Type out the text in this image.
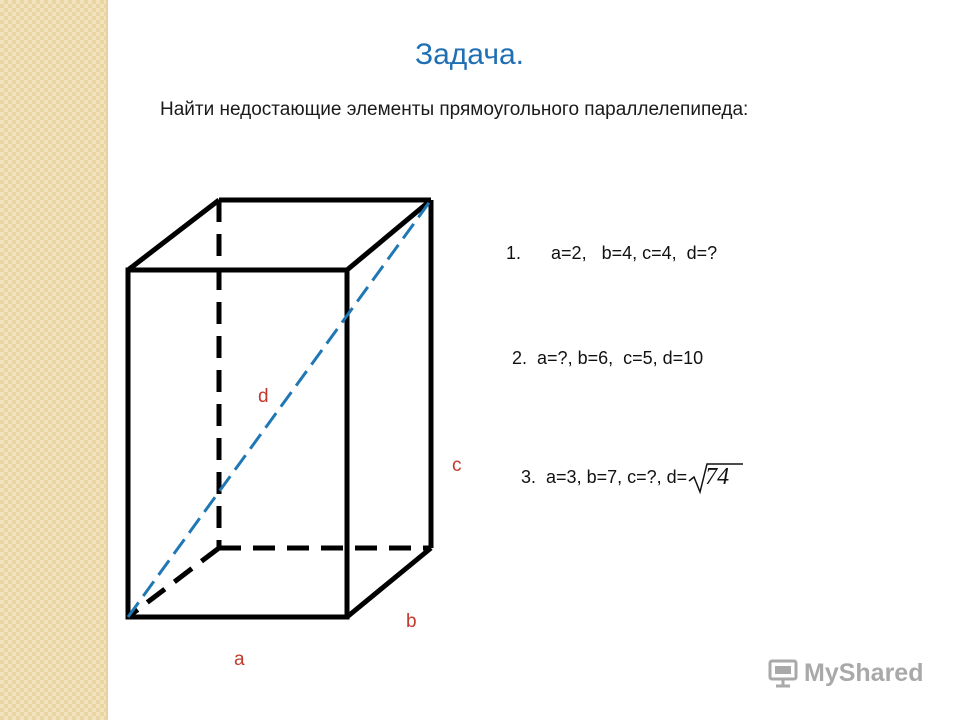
Задача.
Найти недостающие элементы прямоугольного параллелепипеда:
d
c
b
a
1. a=2,   b=4, c=4,  d=?
2. a=?, b=6,  c=5, d=10
3. a=3, b=7, c=?, d= 74
MyShared
